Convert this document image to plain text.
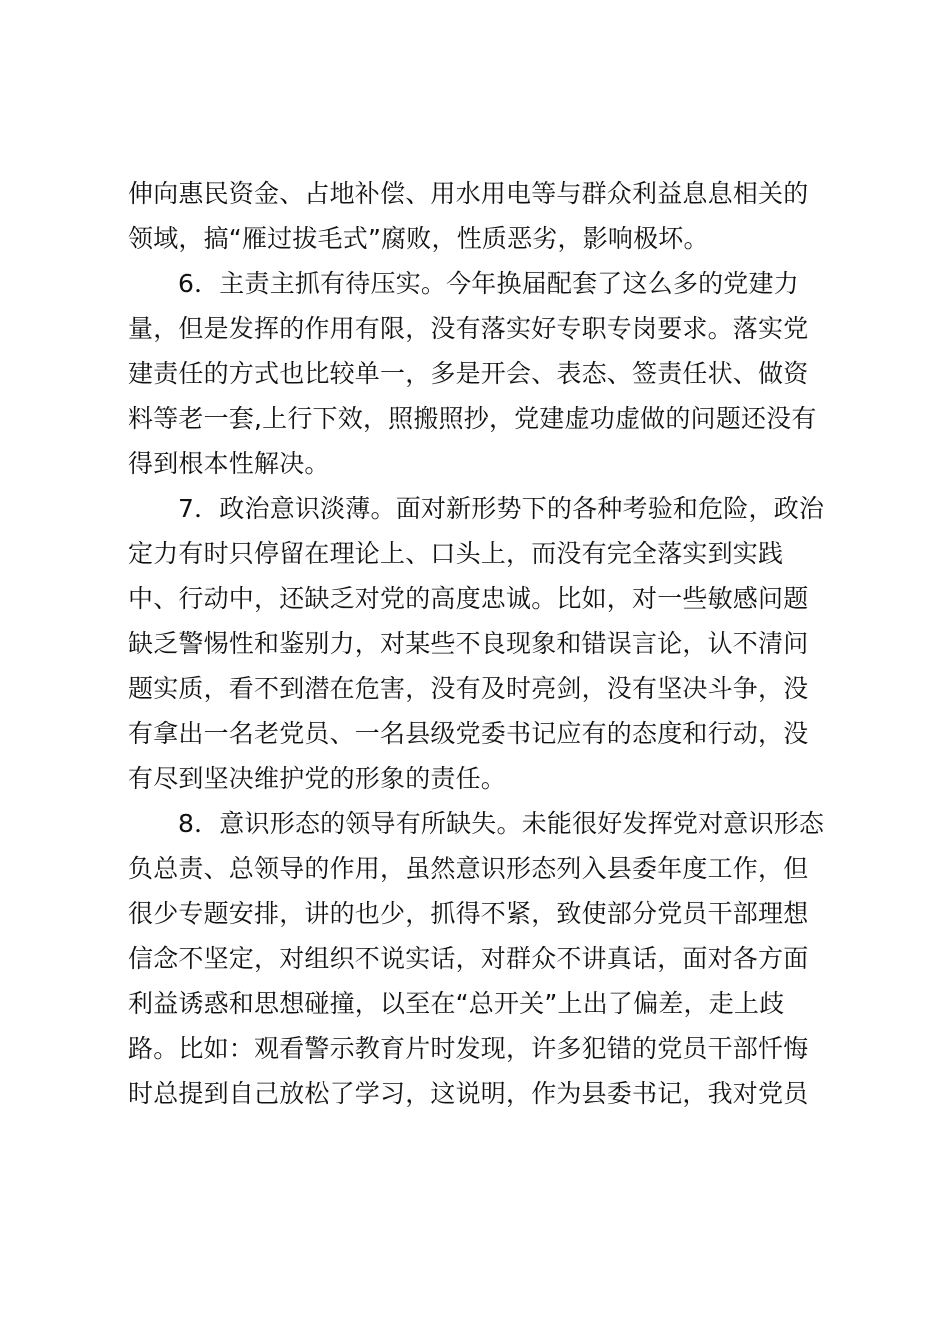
伸向惠民资金、占地补偿、用水用电等与群众利益息息相关的
领域，搞“雁过拔毛式”腐败，性质恶劣，影响极坏。
6．主责主抓有待压实。今年换届配套了这么多的党建力
量，但是发挥的作用有限，没有落实好专职专岗要求。落实党
建责任的方式也比较单一，多是开会、表态、签责任状、做资
料等老一套,上行下效，照搬照抄，党建虚功虚做的问题还没有
得到根本性解决。
7．政治意识淡薄。面对新形势下的各种考验和危险，政治
定力有时只停留在理论上、口头上，而没有完全落实到实践
中、行动中，还缺乏对党的高度忠诚。比如，对一些敏感问题
缺乏警惕性和鉴别力，对某些不良现象和错误言论，认不清问
题实质，看不到潜在危害，没有及时亮剑，没有坚决斗争，没
有拿出一名老党员、一名县级党委书记应有的态度和行动，没
有尽到坚决维护党的形象的责任。
8．意识形态的领导有所缺失。未能很好发挥党对意识形态
负总责、总领导的作用，虽然意识形态列入县委年度工作，但
很少专题安排，讲的也少，抓得不紧，致使部分党员干部理想
信念不坚定，对组织不说实话，对群众不讲真话，面对各方面
利益诱惑和思想碰撞，以至在“总开关”上出了偏差，走上歧
路。比如：观看警示教育片时发现，许多犯错的党员干部忏悔
时总提到自己放松了学习，这说明，作为县委书记，我对党员
